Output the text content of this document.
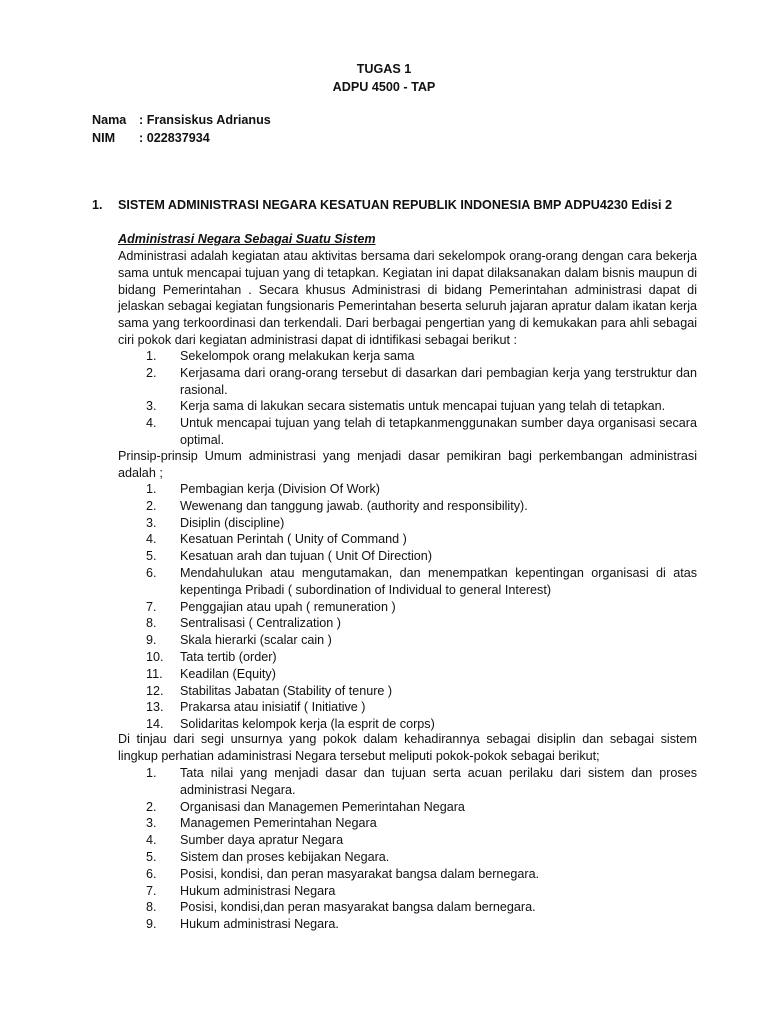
TUGAS 1
ADPU 4500 - TAP
Nama : Fransiskus Adrianus
NIM : 022837934
1. SISTEM ADMINISTRASI NEGARA KESATUAN REPUBLIK INDONESIA BMP ADPU4230 Edisi 2
Administrasi Negara Sebagai Suatu Sistem
Administrasi adalah kegiatan atau aktivitas bersama dari sekelompok orang-orang dengan cara bekerja sama untuk mencapai tujuan yang di tetapkan. Kegiatan ini dapat dilaksanakan dalam bisnis maupun di bidang Pemerintahan . Secara khusus Administrasi di bidang Pemerintahan administrasi dapat di jelaskan sebagai kegiatan fungsionaris Pemerintahan beserta seluruh jajaran apratur dalam ikatan kerja sama yang terkoordinasi dan terkendali. Dari berbagai pengertian yang di kemukakan para ahli sebagai ciri pokok dari kegiatan administrasi dapat di idntifikasi sebagai berikut :
1.	Sekelompok orang melakukan kerja sama
2.	Kerjasama dari orang-orang tersebut di dasarkan dari pembagian kerja yang terstruktur dan rasional.
3.	Kerja sama di lakukan secara sistematis untuk mencapai tujuan yang telah di tetapkan.
4.	Untuk mencapai tujuan yang telah di tetapkanmenggunakan sumber daya organisasi secara optimal.
Prinsip-prinsip Umum administrasi yang menjadi dasar pemikiran bagi perkembangan administrasi adalah ;
1.	Pembagian kerja (Division Of Work)
2.	Wewenang dan tanggung jawab. (authority and responsibility).
3.	Disiplin (discipline)
4.	Kesatuan Perintah ( Unity of Command )
5.	Kesatuan arah dan tujuan ( Unit Of Direction)
6.	Mendahulukan atau mengutamakan, dan menempatkan kepentingan organisasi di atas kepentinga Pribadi ( subordination of Individual to general Interest)
7.	Penggajian atau upah ( remuneration )
8.	Sentralisasi ( Centralization )
9.	Skala hierarki (scalar cain )
10.	Tata tertib (order)
11.	Keadilan (Equity)
12.	Stabilitas Jabatan (Stability of tenure )
13.	Prakarsa atau inisiatif ( Initiative )
14.	Solidaritas kelompok kerja (la esprit de corps)
Di tinjau dari segi unsurnya yang pokok dalam kehadirannya sebagai disiplin dan sebagai sistem lingkup perhatian adaministrasi Negara tersebut meliputi pokok-pokok sebagai berikut;
1.	Tata nilai yang menjadi dasar dan tujuan serta acuan perilaku dari sistem dan proses administrasi Negara.
2.	Organisasi dan Managemen Pemerintahan Negara
3.	Managemen Pemerintahan Negara
4.	Sumber daya apratur Negara
5.	Sistem dan proses kebijakan Negara.
6.	Posisi, kondisi, dan peran masyarakat bangsa dalam bernegara.
7.	Hukum administrasi Negara
8.	Posisi, kondisi,dan peran masyarakat bangsa dalam bernegara.
9.	Hukum administrasi Negara.
